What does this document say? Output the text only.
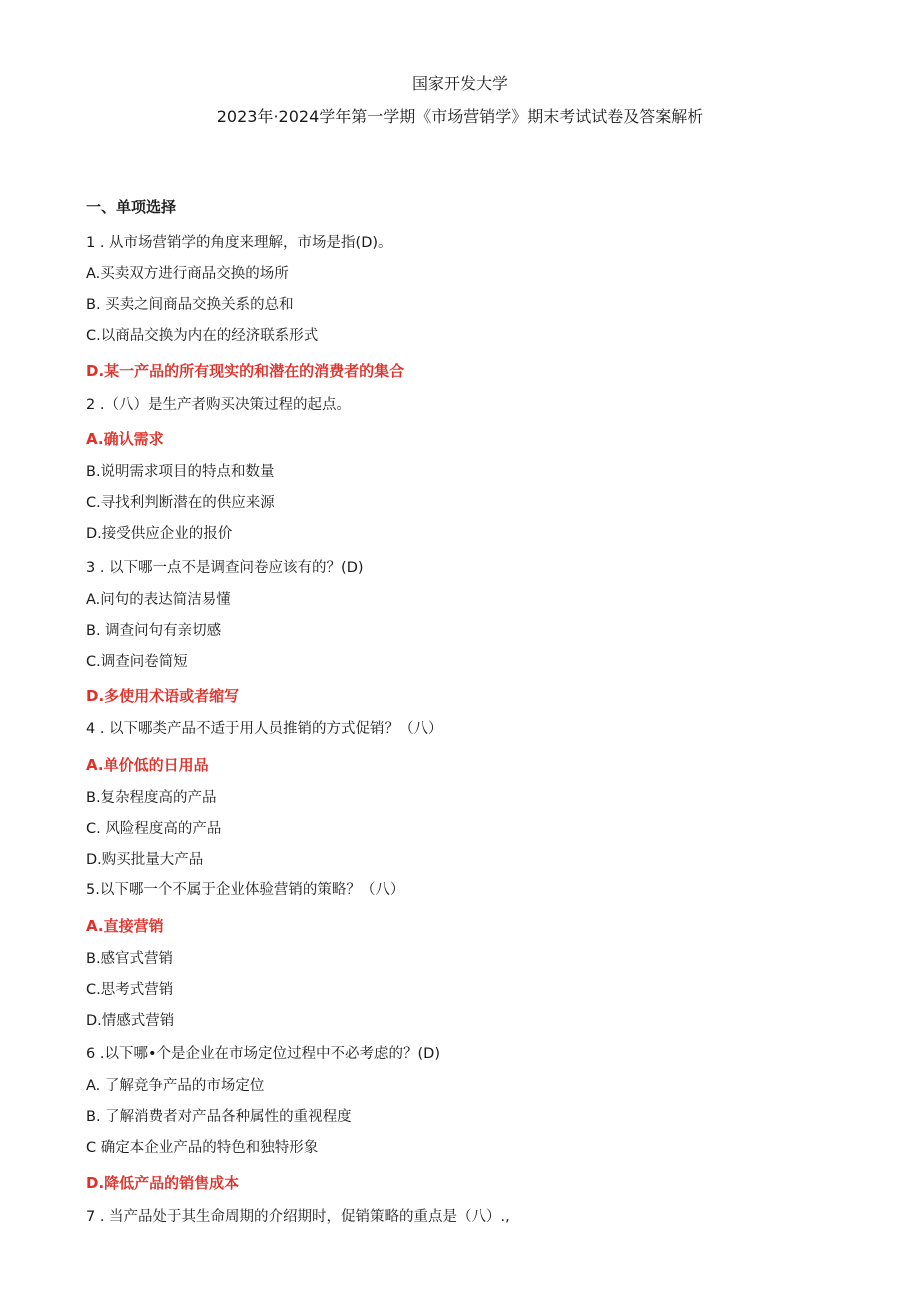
国家开发大学
2023年·2024学年第一学期《市场营销学》期末考试试卷及答案解析
一、单项选择
1 . 从市场营销学的角度来理解，市场是指(D)。
A.买卖双方进行商品交换的场所
B. 买卖之间商品交换关系的总和
C.以商品交换为内在的经济联系形式
D.某一产品的所有现实的和潜在的消费者的集合
2 .（八）是生产者购买决策过程的起点。
A.确认需求
B.说明需求项目的特点和数量
C.寻找利判断潜在的供应来源
D.接受供应企业的报价
3 . 以下哪一点不是调查问卷应该有的？(D)
A.问句的表达简洁易懂
B. 调查问句有亲切感
C.调查问卷简短
D.多使用术语或者缩写
4 . 以下哪类产品不适于用人员推销的方式促销？（八）
A.单价低的日用品
B.复杂程度高的产品
C. 风险程度高的产品
D.购买批量大产品
5.以下哪一个不属于企业体验营销的策略？（八）
A.直接营销
B.感官式营销
C.思考式营销
D.情感式营销
6 .以下哪•个是企业在市场定位过程中不必考虑的？(D)
A. 了解竞争产品的市场定位
B. 了解消费者对产品各种属性的重视程度
C 确定本企业产品的特色和独特形象
D.降低产品的销售成本
7 . 当产品处于其生命周期的介绍期时，促销策略的重点是（八）.,
